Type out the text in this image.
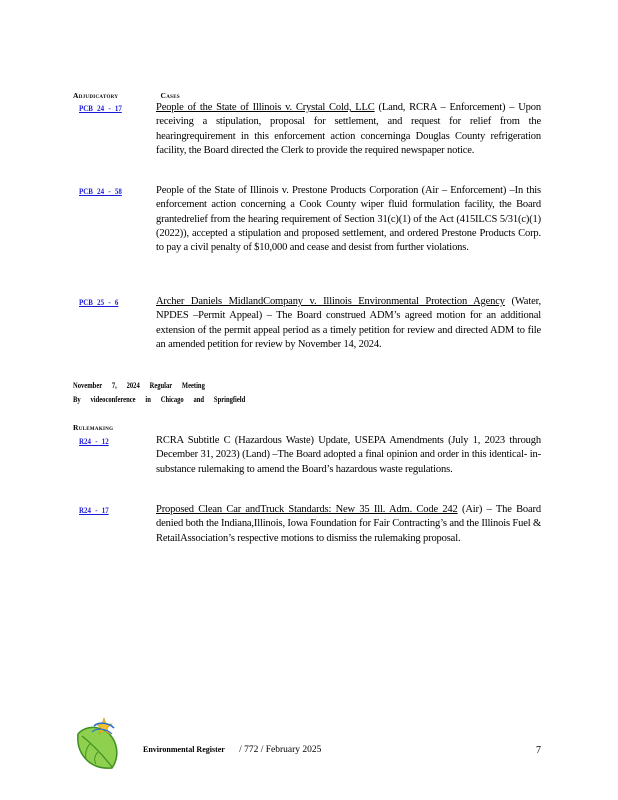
Adjudicatory Cases
PCB 24 - 17	People of the State of Illinois v. Crystal Cold, LLC (Land, RCRA – Enforcement) – Upon receiving a stipulation, proposal for settlement, and request for relief from the hearingrequirement in this enforcement action concerninga Douglas County refrigeration facility, the Board directed the Clerk to provide the required newspaper notice.
PCB 24 - 58	People of the State of Illinois v. Prestone Products Corporation (Air – Enforcement) –In this enforcement action concerning a Cook County wiper fluid formulation facility, the Board grantedrelief from the hearing requirement of Section 31(c)(1) of the Act (415ILCS 5/31(c)(1) (2022)), accepted a stipulation and proposed settlement, and ordered Prestone Products Corp. to pay a civil penalty of $10,000 and cease and desist from further violations.
PCB 25 - 6	Archer Daniels MidlandCompany v. Illinois Environmental Protection Agency (Water, NPDES –Permit Appeal) – The Board construed ADM’s agreed motion for an additional extension of the permit appeal period as a timely petition for review and directed ADM to file an amended petition for review by November 14, 2024.
November 7, 2024 Regular Meeting
By videoconference in Chicago and Springfield
Rulemaking
R24 - 12	RCRA Subtitle C (Hazardous Waste) Update, USEPA Amendments (July 1, 2023 through December 31, 2023) (Land) –The Board adopted a final opinion and order in this identical- in-substance rulemaking to amend the Board’s hazardous waste regulations.
R24 - 17	Proposed Clean Car andTruck Standards: New 35 Ill. Adm. Code 242 (Air) – The Board denied both the Indiana,Illinois, Iowa Foundation for Fair Contracting’s and the Illinois Fuel & RetailAssociation’s respective motions to dismiss the rulemaking proposal.
Environmental Register / 772 / February 2025	7
